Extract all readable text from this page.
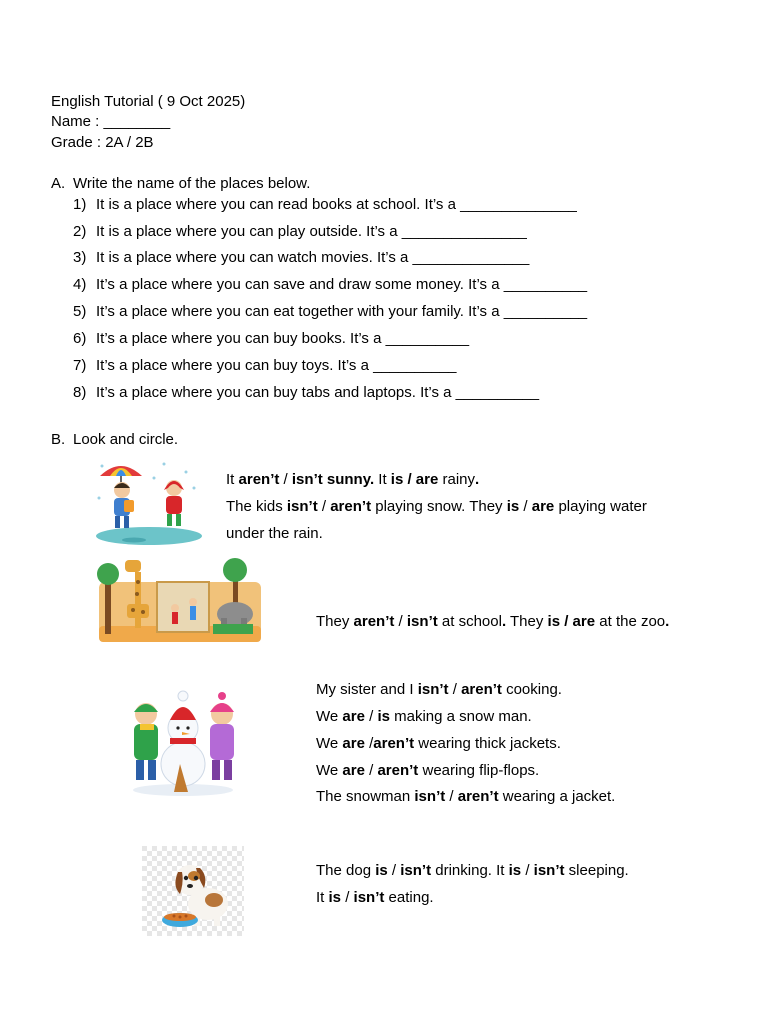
English Tutorial ( 9 Oct 2025)
Name : ________
Grade : 2A / 2B
A. Write the name of the places below.
1) It is a place where you can read books at school. It’s a ______________
2) It is a place where you can play outside. It’s a _______________
3) It is a place where you can watch movies. It’s a ______________
4) It’s a place where you can save and draw some money. It’s a __________
5) It’s a place where you can eat together with your family. It’s a __________
6) It’s a place where you can buy books. It’s a __________
7) It’s a place where you can buy toys. It’s a __________
8) It’s a place where you can buy tabs and laptops. It’s a __________
B. Look and circle.
It aren’t / isn’t sunny. It is / are rainy.
The kids isn’t / aren’t playing snow. They is / are playing water
under the rain.
They aren’t / isn’t at school. They is / are at the zoo.
My sister and I isn’t / aren’t cooking.
We are / is making a snow man.
We are /aren’t wearing thick jackets.
We are / aren’t wearing flip-flops.
The snowman isn’t / aren’t wearing a jacket.
The dog is / isn’t drinking. It is / isn’t sleeping.
It is / isn’t eating.
